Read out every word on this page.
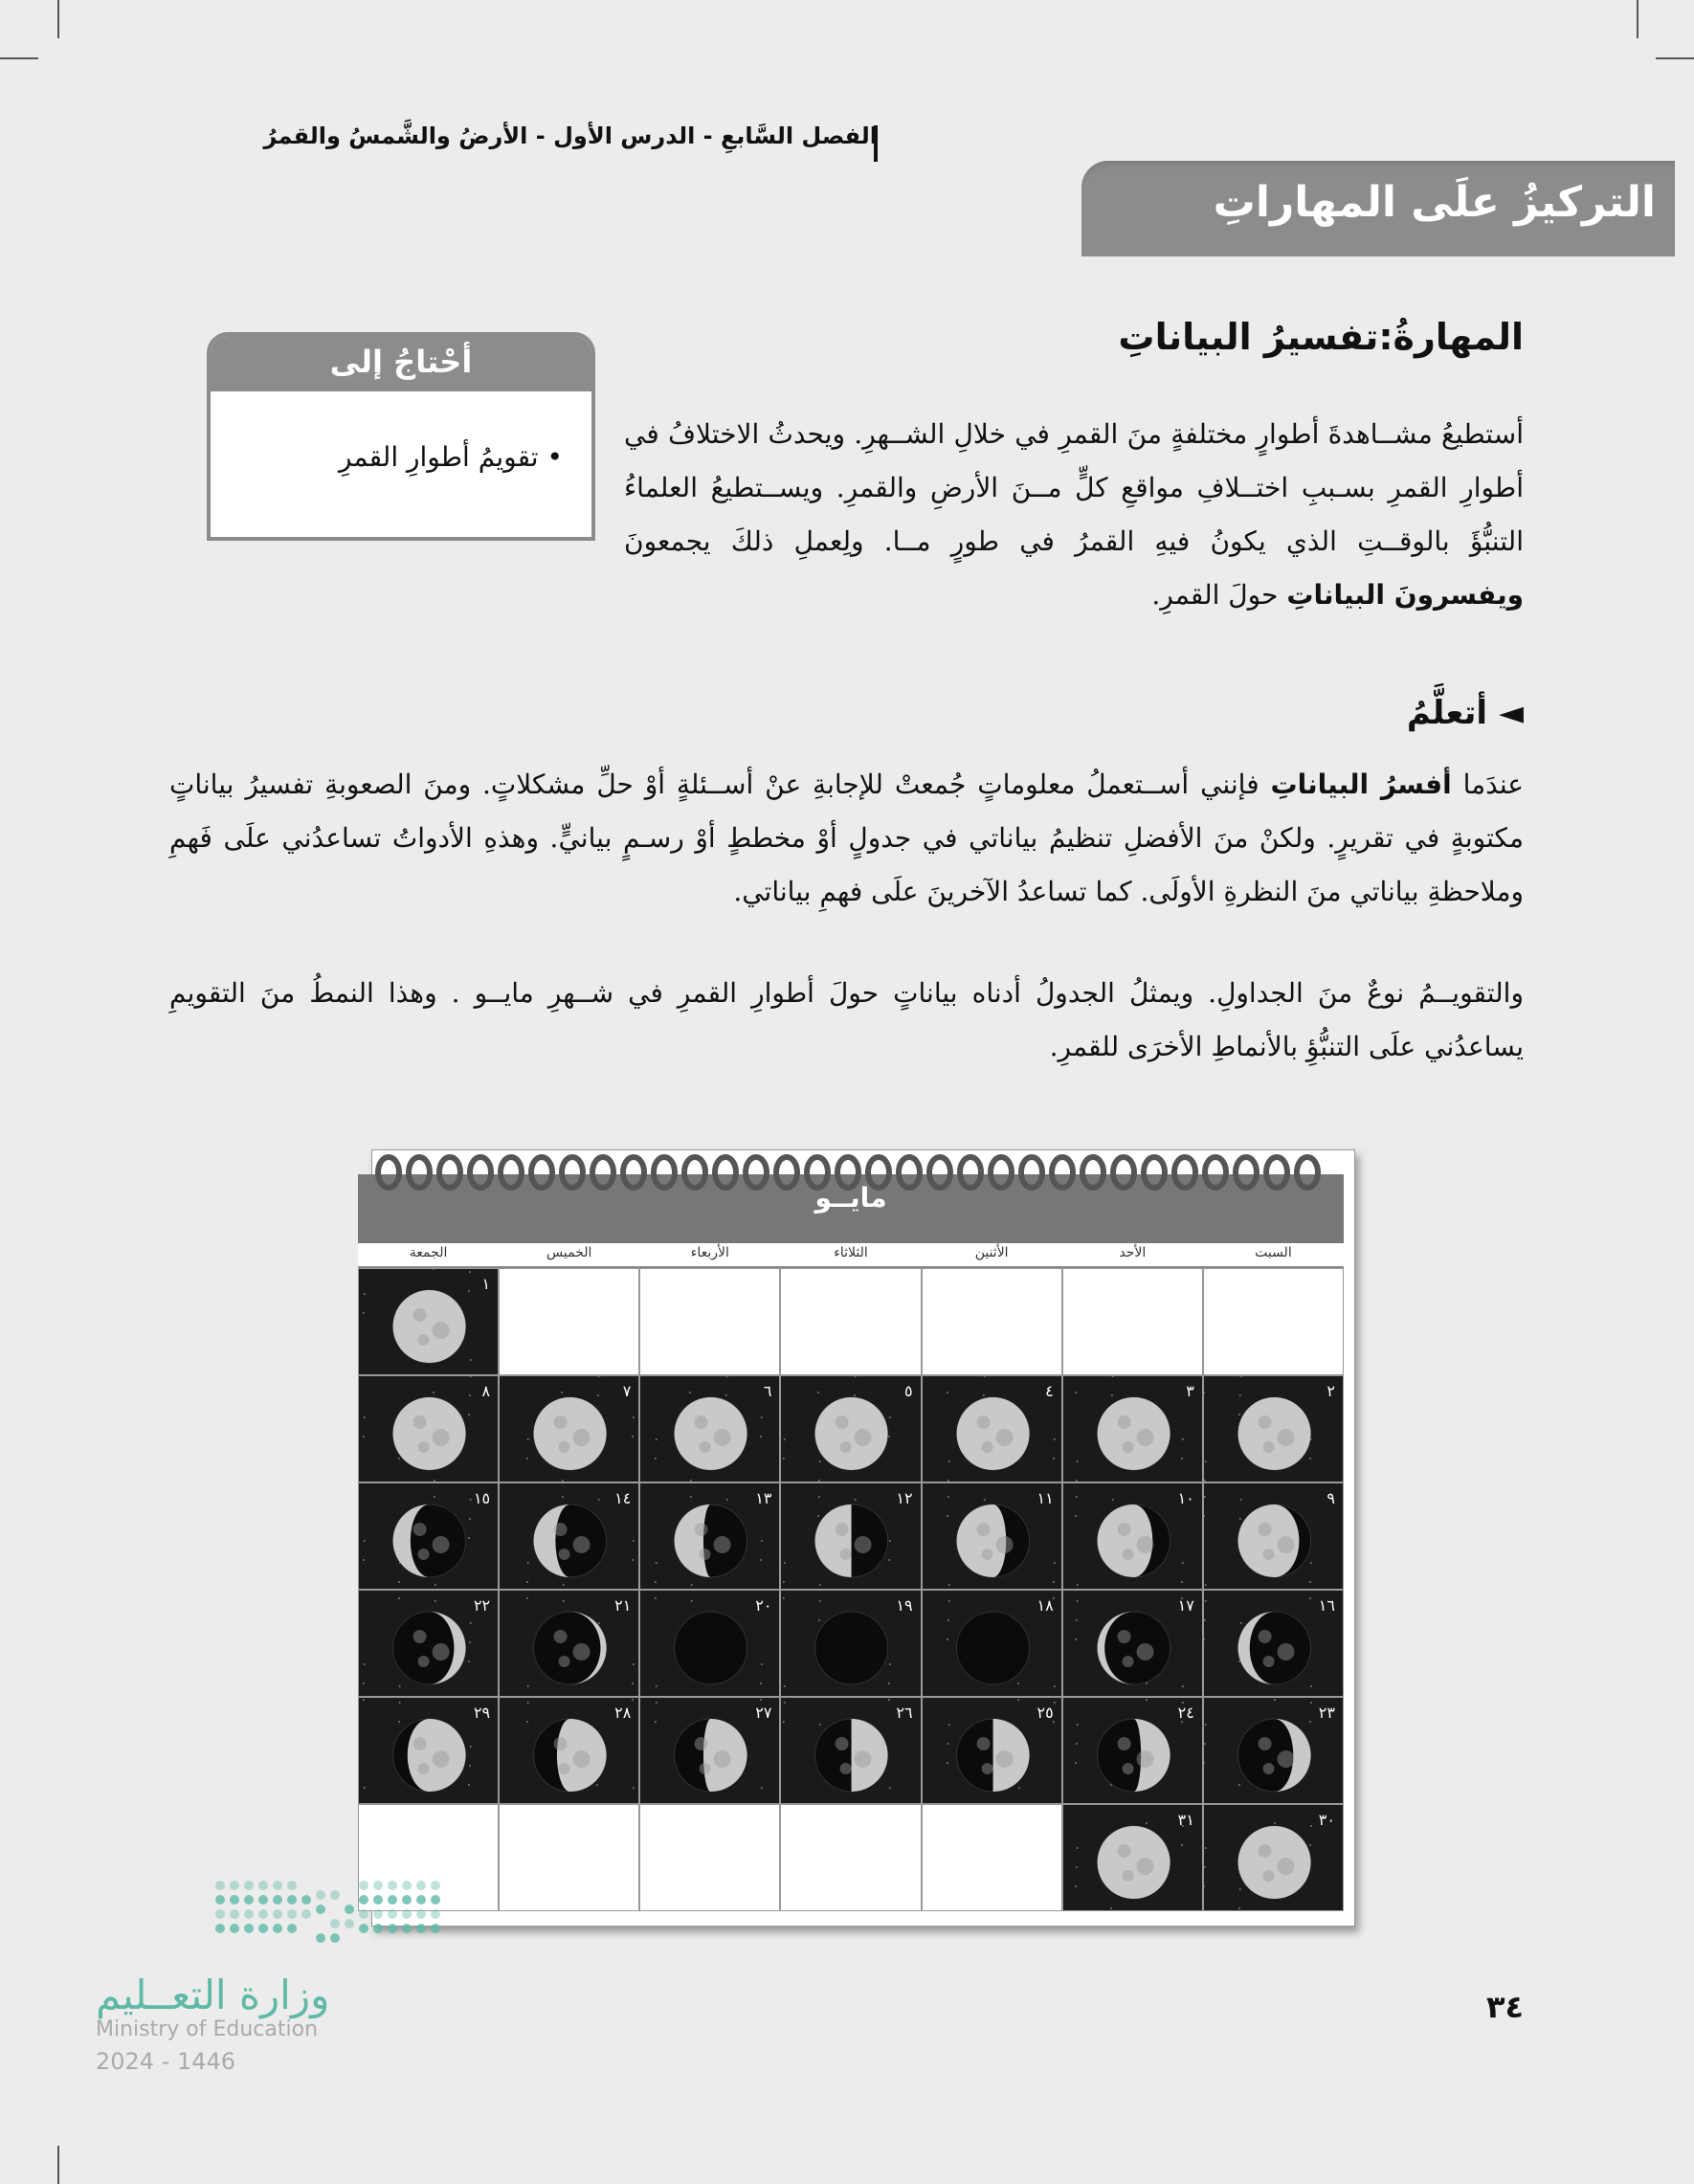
الفصل السَّابعِ - الدرس الأول - الأرضُ والشَّمسُ والقمرُ
التركيزُ علَى المهاراتِ
المهارةُ:تفسيرُ البياناتِ
أحْتاجُ إلى
• تقويمُ أطوارِ القمرِ
أستطيعُ مشــاهدةَ أطوارٍ مختلفةٍ منَ القمرِ في خلالِ الشــهرِ. ويحدثُ الاختلافُ في أطوارِ القمرِ بسـببِ اختــلافِ مواقعِ كلٍّ مــنَ الأرضِ والقمرِ. ويســتطيعُ العلماءُ التنبُّؤَ بالوقــتِ الذي يكونُ فيهِ القمرُ في طورٍ مــا. ولِعملِ ذلكَ يجمعونَ ويفسرونَ البياناتِ حولَ القمرِ.
◄ أتعلَّمُ
عندَما أفسرُ البياناتِ فإنني أســتعملُ معلوماتٍ جُمعتْ للإجابةِ عنْ أســئلةٍ أوْ حلِّ مشكلاتٍ. ومنَ الصعوبةِ تفسيرُ بياناتٍ مكتوبةٍ في تقريرٍ. ولكنْ منَ الأفضلِ تنظيمُ بياناتي في جدولٍ أوْ مخططٍ أوْ رسـمٍ بيانيٍّ. وهذهِ الأدواتُ تساعدُني علَى فَهمِ وملاحظةِ بياناتي منَ النظرةِ الأولَى. كما تساعدُ الآخرينَ علَى فهمِ بياناتي.
والتقويــمُ نوعٌ منَ الجداولِ. ويمثلُ الجدولُ أدناه بياناتٍ حولَ أطوارِ القمرِ في شــهرِ مايــو . وهذا النمطُ منَ التقويمِ يساعدُني علَى التنبُّؤِ بالأنماطِ الأخرَى للقمرِ.
مايــو
السبت
الأحد
الأثنين
الثلاثاء
الأربعاء
الخميس
الجمعة
١
٢
٣
٤
٥
٦
٧
٨
٩
١٠
١١
١٢
١٣
١٤
١٥
١٦
١٧
١٨
١٩
٢٠
٢١
٢٢
٢٣
٢٤
٢٥
٢٦
٢٧
٢٨
٢٩
٣٠
٣١
وزارة التعــليم
Ministry of Education
2024 - 1446
٣٤
